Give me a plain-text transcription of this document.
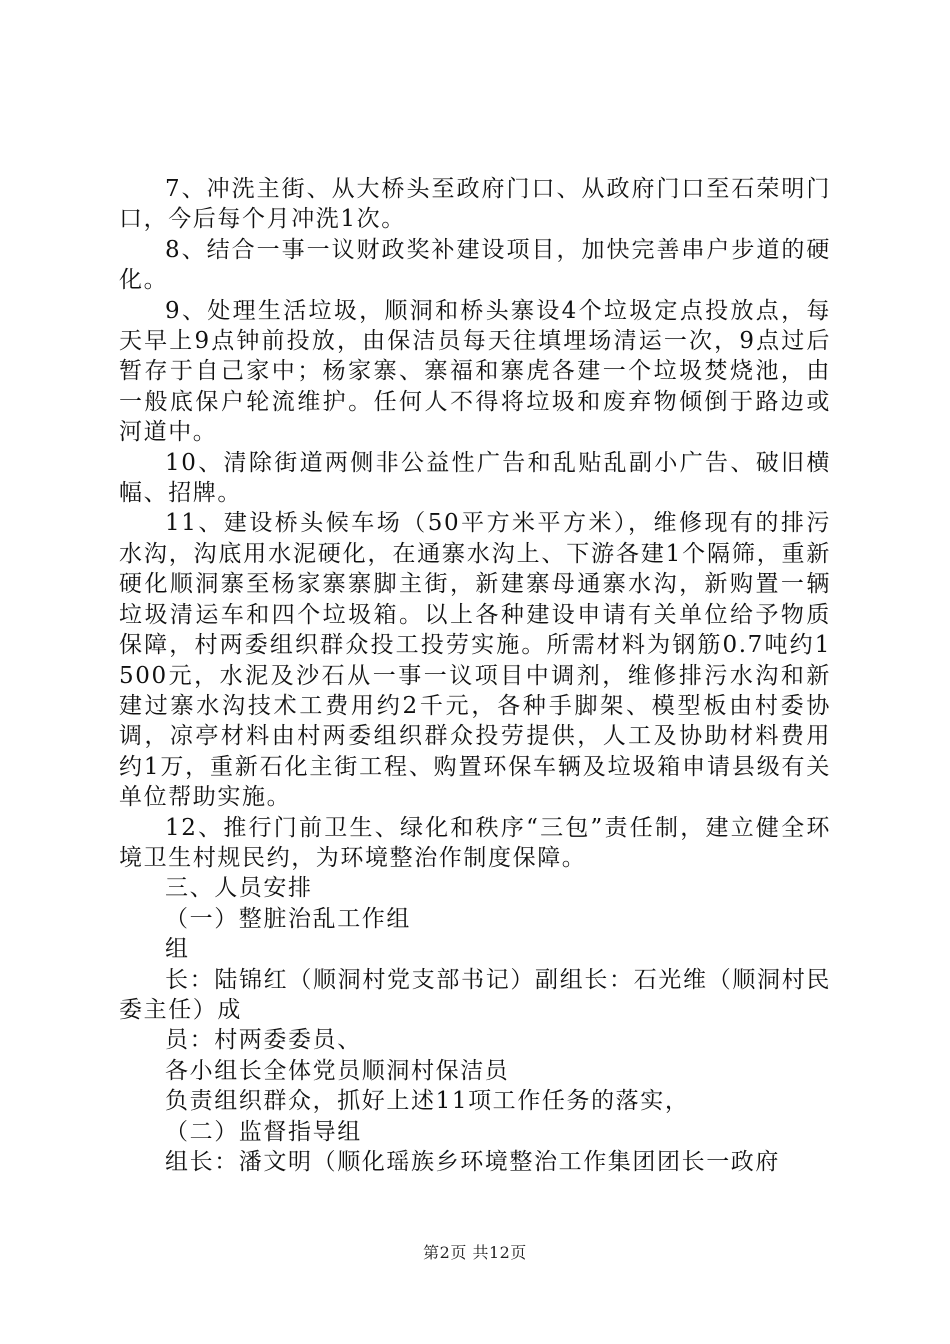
7、冲洗主街、从大桥头至政府门口、从政府门口至石荣明门口，今后每个月冲洗1次。

8、结合一事一议财政奖补建设项目，加快完善串户步道的硬化。

9、处理生活垃圾，顺洞和桥头寨设4个垃圾定点投放点，每天早上9点钟前投放，由保洁员每天往填埋场清运一次，9点过后暂存于自己家中；杨家寨、寨福和寨虎各建一个垃圾焚烧池，由一般底保户轮流维护。任何人不得将垃圾和废弃物倾倒于路边或河道中。

10、清除街道两侧非公益性广告和乱贴乱副小广告、破旧横幅、招牌。

11、建设桥头候车场（50平方米平方米），维修现有的排污水沟，沟底用水泥硬化，在通寨水沟上、下游各建1个隔筛，重新硬化顺洞寨至杨家寨寨脚主街，新建寨母通寨水沟，新购置一辆垃圾清运车和四个垃圾箱。以上各种建设申请有关单位给予物质保障，村两委组织群众投工投劳实施。所需材料为钢筋0.7吨约1500元，水泥及沙石从一事一议项目中调剂，维修排污水沟和新建过寨水沟技术工费用约2千元，各种手脚架、模型板由村委协调，凉亭材料由村两委组织群众投劳提供，人工及协助材料费用约1万，重新石化主街工程、购置环保车辆及垃圾箱申请县级有关单位帮助实施。

12、推行门前卫生、绿化和秩序“三包”责任制，建立健全环境卫生村规民约，为环境整治作制度保障。

三、人员安排

（一）整脏治乱工作组

组

长：陆锦红（顺洞村党支部书记）副组长：石光维（顺洞村民委主任）成

员：村两委委员、

各小组长全体党员顺洞村保洁员

负责组织群众，抓好上述11项工作任务的落实，

（二）监督指导组

组长：潘文明（顺化瑶族乡环境整治工作集团团长一政府

第2页 共12页
